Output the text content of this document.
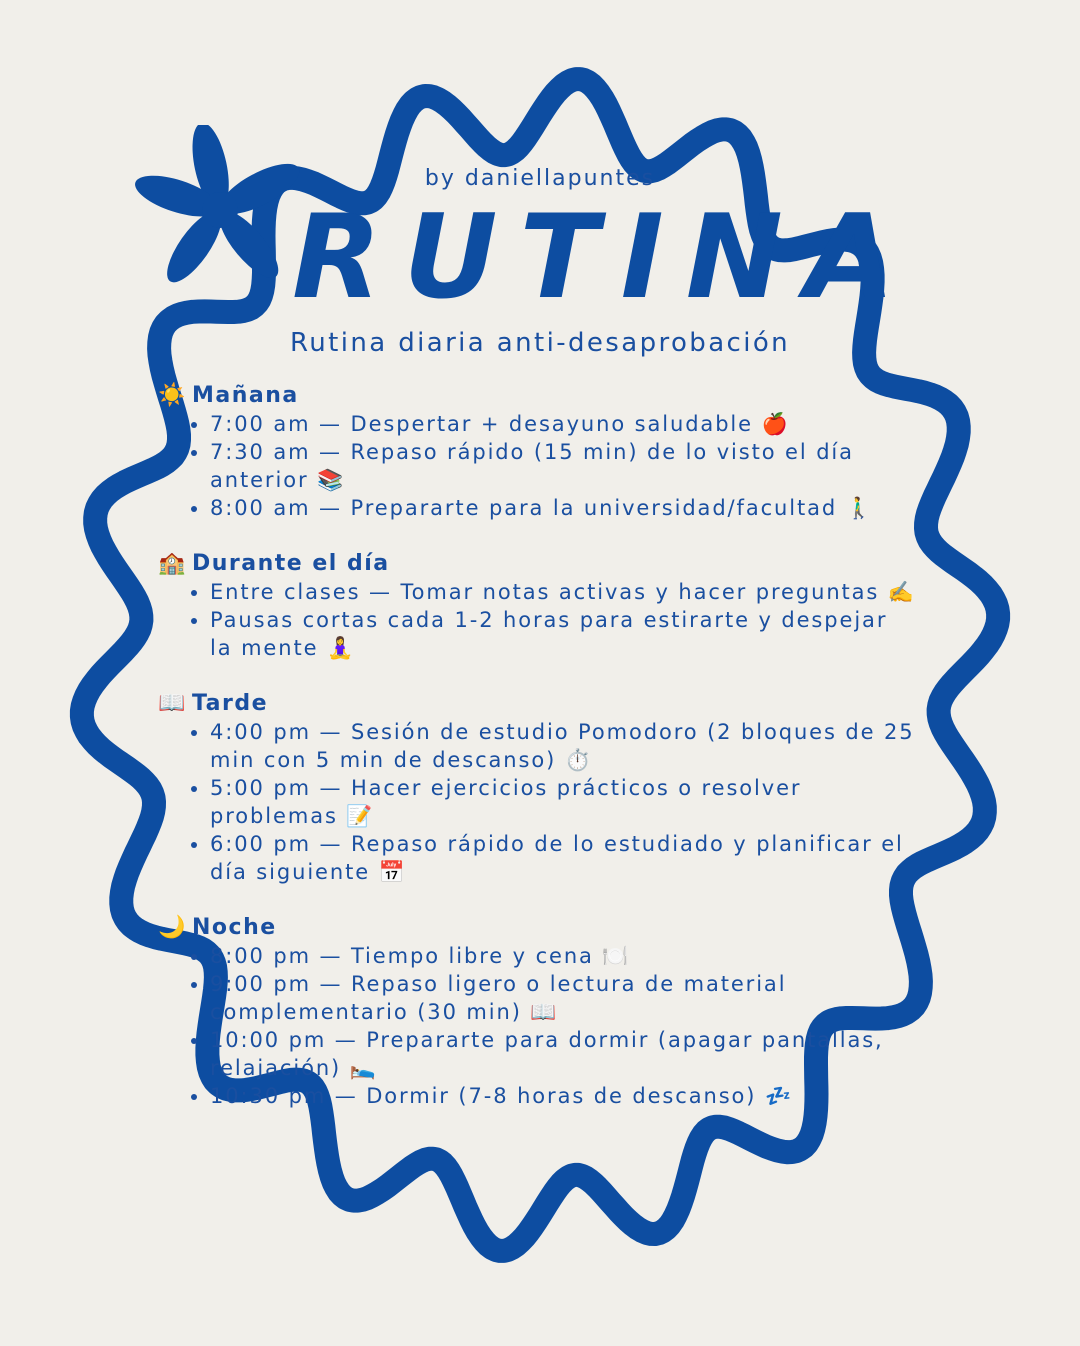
by daniellapuntes
RUTINA
Rutina diaria anti-desaprobación
☀️ Mañana
• 7:00 am — Despertar + desayuno saludable 🍎
• 7:30 am — Repaso rápido (15 min) de lo visto el día anterior 📚
• 8:00 am — Prepararte para la universidad/facultad 🚶‍♂️
🏫 Durante el día
• Entre clases — Tomar notas activas y hacer preguntas ✍️
• Pausas cortas cada 1-2 horas para estirarte y despejar la mente 🧘‍♀️
📖 Tarde
• 4:00 pm — Sesión de estudio Pomodoro (2 bloques de 25 min con 5 min de descanso) ⏱️
• 5:00 pm — Hacer ejercicios prácticos o resolver problemas 📝
• 6:00 pm — Repaso rápido de lo estudiado y planificar el día siguiente 📅
🌙 Noche
• 8:00 pm — Tiempo libre y cena 🍽️
• 9:00 pm — Repaso ligero o lectura de material complementario (30 min) 📖
• 10:00 pm — Prepararte para dormir (apagar pantallas, relajación) 🛌
• 10:30 pm — Dormir (7-8 horas de descanso) 💤
